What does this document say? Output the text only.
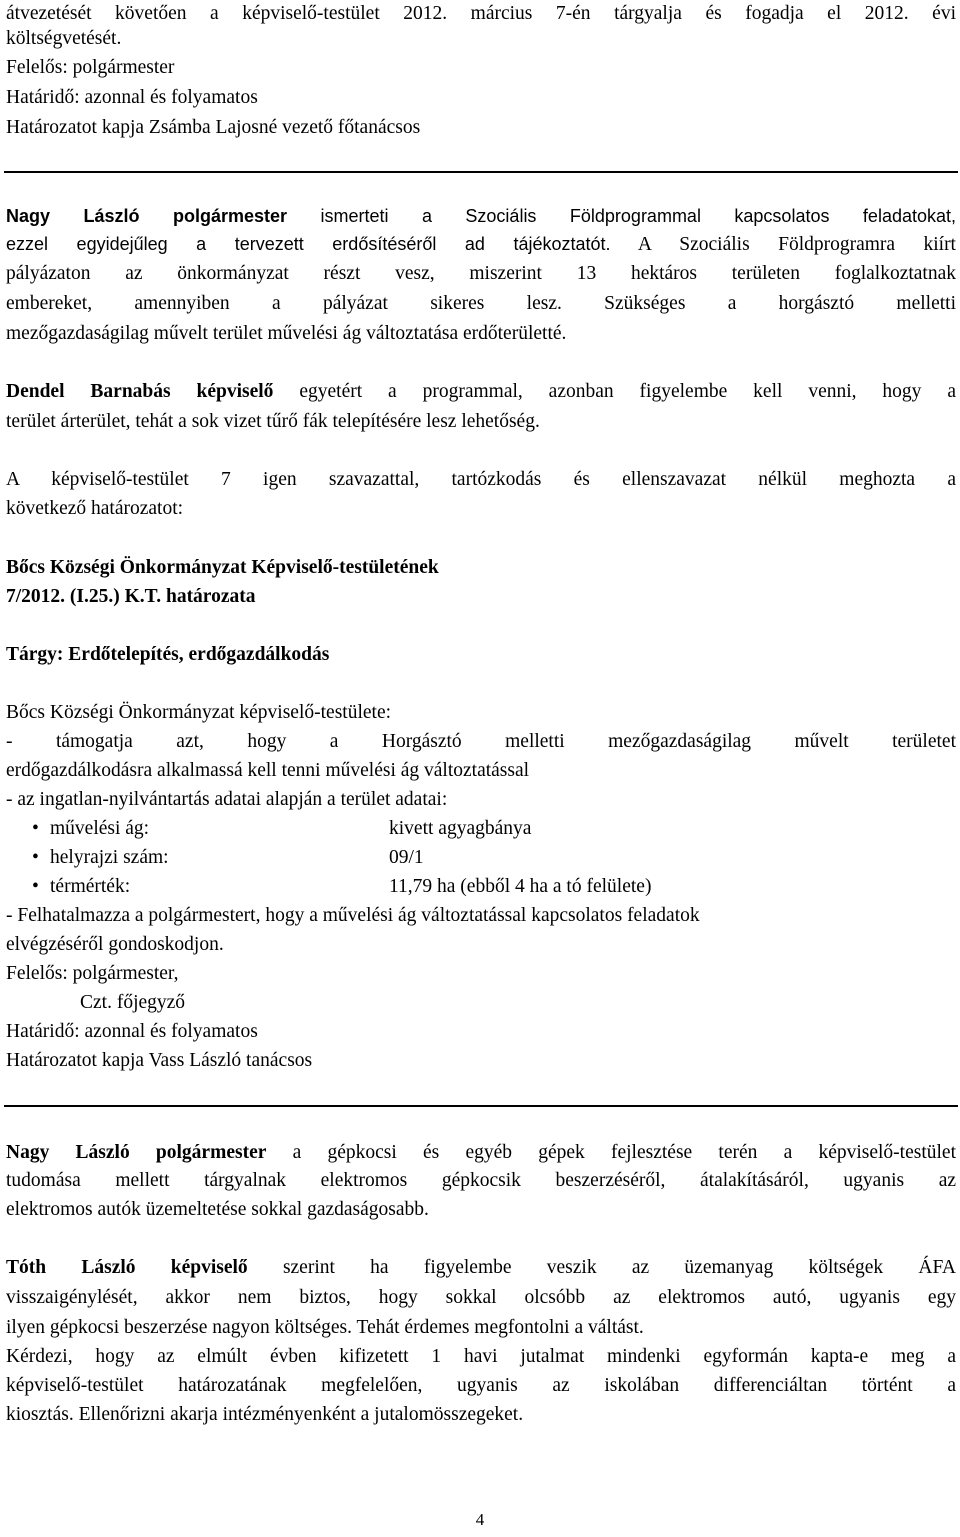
átvezetését követően a képviselő-testület 2012. március 7-én tárgyalja és fogadja el 2012. évi
költségvetését.
Felelős: polgármester
Határidő: azonnal és folyamatos
Határozatot kapja Zsámba Lajosné vezető főtanácsos
Nagy László polgármester ismerteti a Szociális Földprogrammal kapcsolatos feladatokat,
ezzel egyidejűleg a tervezett erdősítéséről ad tájékoztatót. A Szociális Földprogramra kiírt
pályázaton az önkormányzat részt vesz, miszerint 13 hektáros területen foglalkoztatnak
embereket, amennyiben a pályázat sikeres lesz. Szükséges a horgásztó melletti
mezőgazdaságilag művelt terület művelési ág változtatása erdőterületté.
Dendel Barnabás képviselő egyetért a programmal, azonban figyelembe kell venni, hogy a
terület árterület, tehát a sok vizet tűrő fák telepítésére lesz lehetőség.
A képviselő-testület 7 igen szavazattal, tartózkodás és ellenszavazat nélkül meghozta a
következő határozatot:
Bőcs Községi Önkormányzat Képviselő-testületének
7/2012. (I.25.) K.T. határozata
Tárgy: Erdőtelepítés, erdőgazdálkodás
Bőcs Községi Önkormányzat képviselő-testülete:
- támogatja azt, hogy a Horgásztó melletti mezőgazdaságilag művelt területet
erdőgazdálkodásra alkalmassá kell tenni művelési ág változtatással
- az ingatlan-nyilvántartás adatai alapján a terület adatai:
• művelési ág:	kivett agyagbánya
• helyrajzi szám:	09/1
• térmérték:	11,79 ha (ebből 4 ha a tó felülete)
- Felhatalmazza a polgármestert, hogy a művelési ág változtatással kapcsolatos feladatok
elvégzéséről gondoskodjon.
Felelős: polgármester,
Czt. főjegyző
Határidő: azonnal és folyamatos
Határozatot kapja Vass László tanácsos
Nagy László polgármester a gépkocsi és egyéb gépek fejlesztése terén a képviselő-testület
tudomása mellett tárgyalnak elektromos gépkocsik beszerzéséről, átalakításáról, ugyanis az
elektromos autók üzemeltetése sokkal gazdaságosabb.
Tóth László képviselő szerint ha figyelembe veszik az üzemanyag költségek ÁFA
visszaigénylését, akkor nem biztos, hogy sokkal olcsóbb az elektromos autó, ugyanis egy
ilyen gépkocsi beszerzése nagyon költséges. Tehát érdemes megfontolni a váltást.
Kérdezi, hogy az elmúlt évben kifizetett 1 havi jutalmat mindenki egyformán kapta-e meg a
képviselő-testület határozatának megfelelően, ugyanis az iskolában differenciáltan történt a
kiosztás. Ellenőrizni akarja intézményenként a jutalomösszegeket.
4
